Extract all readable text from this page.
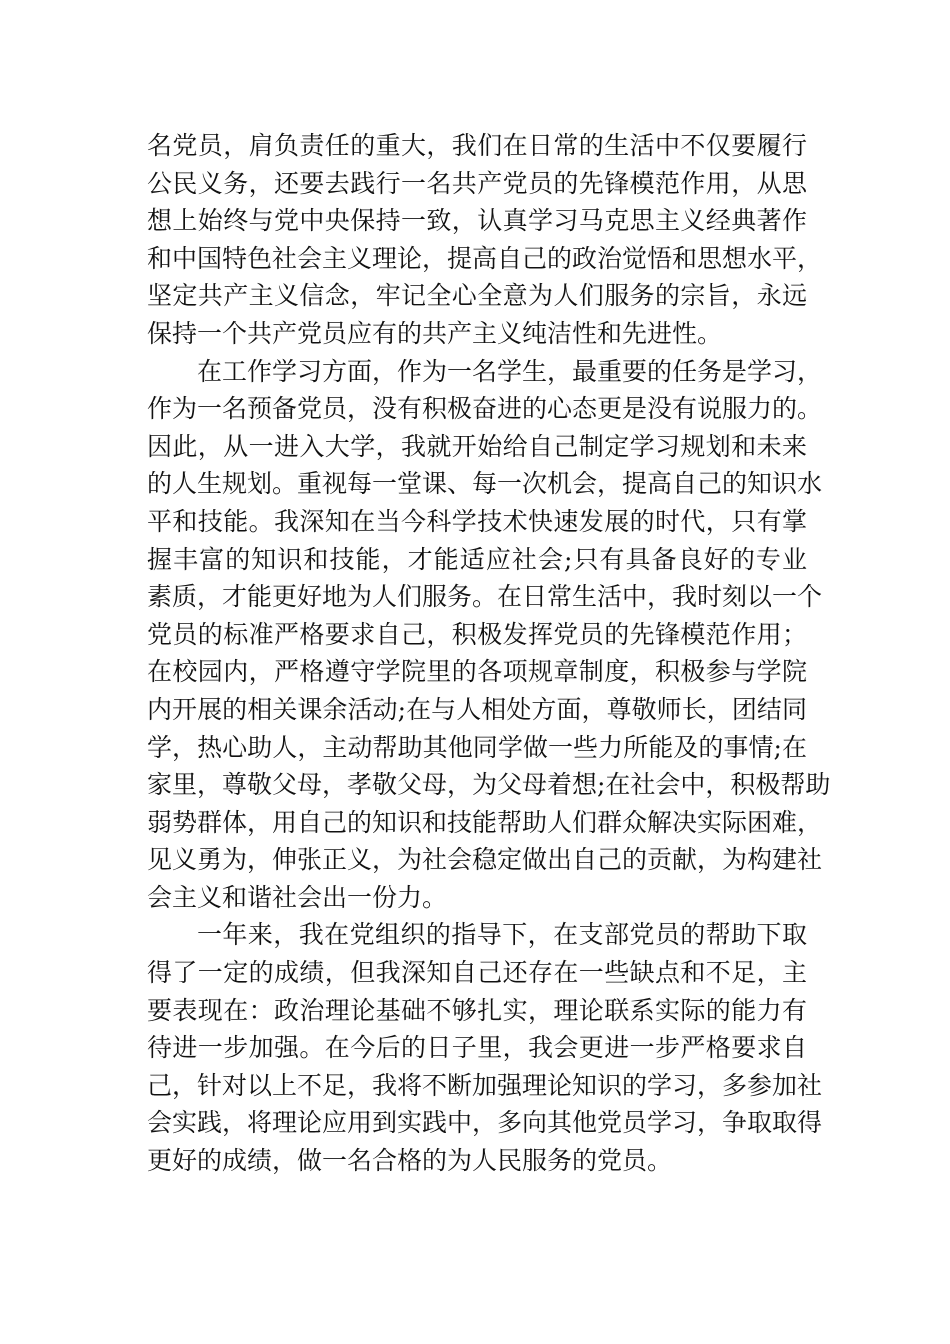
名党员，肩负责任的重大，我们在日常的生活中不仅要履行
公民义务，还要去践行一名共产党员的先锋模范作用，从思
想上始终与党中央保持一致，认真学习马克思主义经典著作
和中国特色社会主义理论，提高自己的政治觉悟和思想水平，
坚定共产主义信念，牢记全心全意为人们服务的宗旨，永远
保持一个共产党员应有的共产主义纯洁性和先进性。
在工作学习方面，作为一名学生，最重要的任务是学习，
作为一名预备党员，没有积极奋进的心态更是没有说服力的。
因此，从一进入大学，我就开始给自己制定学习规划和未来
的人生规划。重视每一堂课、每一次机会，提高自己的知识水
平和技能。我深知在当今科学技术快速发展的时代，只有掌
握丰富的知识和技能，才能适应社会;只有具备良好的专业
素质，才能更好地为人们服务。在日常生活中，我时刻以一个
党员的标准严格要求自己，积极发挥党员的先锋模范作用；
在校园内，严格遵守学院里的各项规章制度，积极参与学院
内开展的相关课余活动;在与人相处方面，尊敬师长，团结同
学，热心助人，主动帮助其他同学做一些力所能及的事情;在
家里，尊敬父母，孝敬父母，为父母着想;在社会中，积极帮助
弱势群体，用自己的知识和技能帮助人们群众解决实际困难，
见义勇为，伸张正义，为社会稳定做出自己的贡献，为构建社
会主义和谐社会出一份力。
一年来，我在党组织的指导下，在支部党员的帮助下取
得了一定的成绩，但我深知自己还存在一些缺点和不足，主
要表现在：政治理论基础不够扎实，理论联系实际的能力有
待进一步加强。在今后的日子里，我会更进一步严格要求自
己，针对以上不足，我将不断加强理论知识的学习，多参加社
会实践，将理论应用到实践中，多向其他党员学习，争取取得
更好的成绩，做一名合格的为人民服务的党员。
